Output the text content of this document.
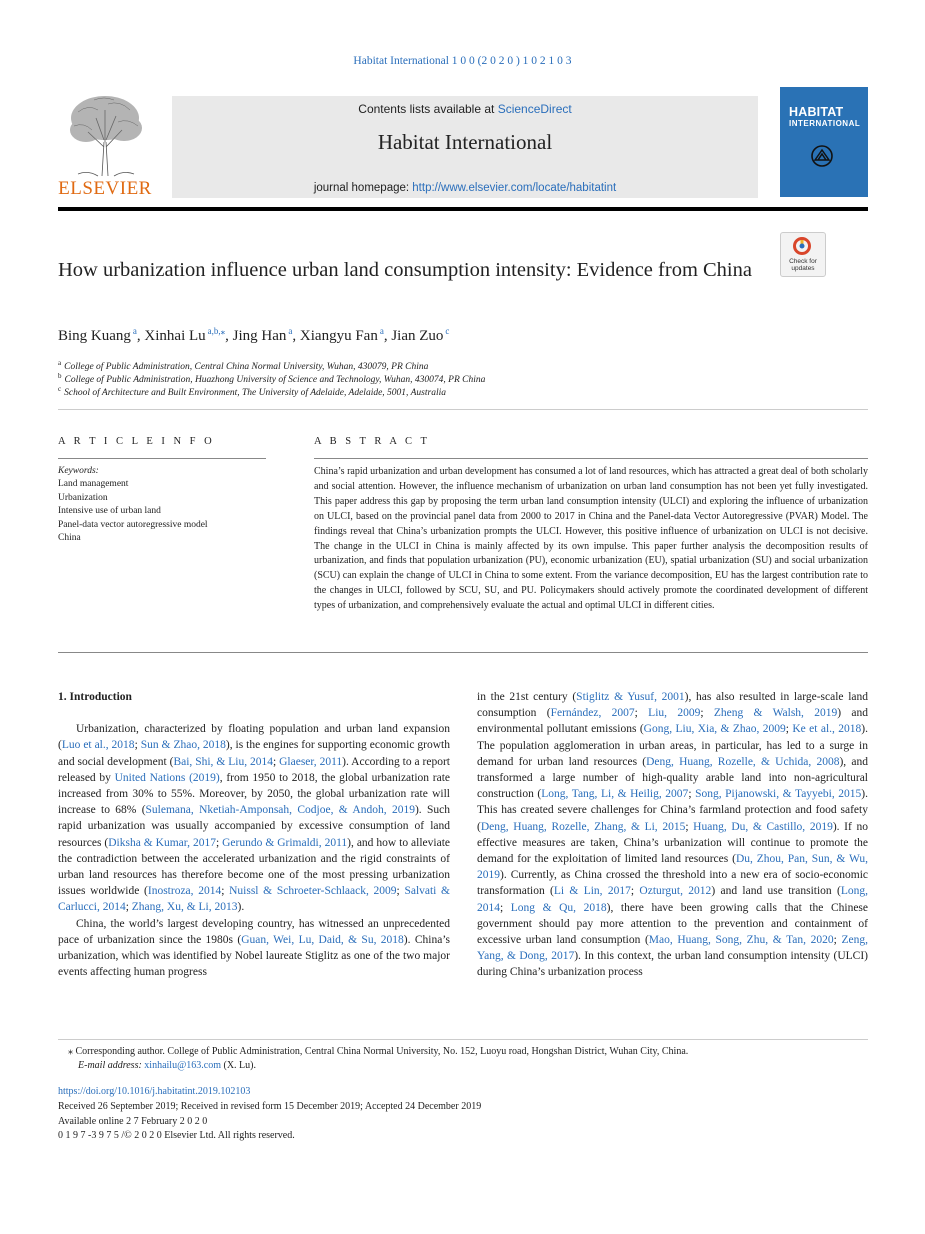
Habitat International 1 0 0 (2 0 2 0 ) 1 0 2 1 0 3
ELSEVIER
Contents lists available at ScienceDirect
Habitat International
journal homepage: http://www.elsevier.com/locate/habitatint
HABITAT
INTERNATIONAL
Check for
updates
How urbanization influence urban land consumption intensity: Evidence from China
Bing Kuang $^a$, Xinhai Lu $^{a,b,⁎}$, Jing Han $^a$, Xiangyu Fan $^a$, Jian Zuo $^c$
$^a$ College of Public Administration, Central China Normal University, Wuhan, 430079, PR China
$^b$ College of Public Administration, Huazhong University of Science and Technology, Wuhan, 430074, PR China
$^c$ School of Architecture and Built Environment, The University of Adelaide, Adelaide, 5001, Australia
A R T I C L E I N F O	A B S T R A C T
Keywords:
Land management
Urbanization
Intensive use of urban land
Panel-data vector autoregressive model
China
China’s rapid urbanization and urban development has consumed a lot of land resources, which has attracted a great deal of both scholarly and social attention. However, the influence mechanism of urbanization on urban land consumption has not been yet fully investigated. This paper address this gap by proposing the term urban land consumption intensity (ULCI) and exploring the influence of urbanization on ULCI, based on the provincial panel data from 2000 to 2017 in China and the Panel-data Vector Autoregressive (PVAR) Model. The findings reveal that China’s urbanization prompts the ULCI. However, this positive influence of urbanization on ULCI is not decisive. The change in the ULCI in China is mainly affected by its own impulse. This paper further analysis the decomposition results of urbanization, and finds that population urbanization (PU), economic urbanization (EU), spatial urbanization (SU) and social urbanization (SCU) can explain the change of ULCI in China to some extent. From the variance decomposition, EU has the largest contribution rate to the changes in ULCI, followed by SCU, SU, and PU. Policymakers should actively promote the coordinated development of different types of urbanization, and comprehensively evaluate the actual and optimal ULCI in different cities.

1. Introduction

Urbanization, characterized by floating population and urban land expansion (Luo et al., 2018; Sun & Zhao, 2018), is the engines for supporting economic growth and social development (Bai, Shi, & Liu, 2014; Glaeser, 2011). According to a report released by United Nations (2019), from 1950 to 2018, the global urbanization rate increased from 30% to 55%. Moreover, by 2050, the global urbanization rate will increase to 68% (Sulemana, Nketiah-Amponsah, Codjoe, & Andoh, 2019). Such rapid urbanization was usually accompanied by excessive consumption of land resources (Diksha & Kumar, 2017; Gerundo & Grimaldi, 2011), and how to alleviate the contradiction between the accelerated urbanization and the rigid constraints of urban land resources has therefore become one of the most pressing urbanization issues worldwide (Inostroza, 2014; Nuissl & Schroeter-Schlaack, 2009; Salvati & Carlucci, 2014; Zhang, Xu, & Li, 2013).

China, the world’s largest developing country, has witnessed an unprecedented pace of urbanization since the 1980s (Guan, Wei, Lu, Daid, & Su, 2018). China’s urbanization, which was identified by Nobel laureate Stiglitz as one of the two major events affecting human progress

in the 21st century (Stiglitz & Yusuf, 2001), has also resulted in large-scale land consumption (Fernández, 2007; Liu, 2009; Zheng & Walsh, 2019) and environmental pollutant emissions (Gong, Liu, Xia, & Zhao, 2009; Ke et al., 2018). The population agglomeration in urban areas, in particular, has led to a surge in demand for urban land resources (Deng, Huang, Rozelle, & Uchida, 2008), and transformed a large number of high-quality arable land into non-agricultural construction (Long, Tang, Li, & Heilig, 2007; Song, Pijanowski, & Tayyebi, 2015). This has created severe challenges for China’s farmland protection and food safety (Deng, Huang, Rozelle, Zhang, & Li, 2015; Huang, Du, & Castillo, 2019). If no effective measures are taken, China’s urbanization will continue to promote the demand for the exploitation of limited land resources (Du, Zhou, Pan, Sun, & Wu, 2019). Currently, as China crossed the threshold into a new era of socio-economic transformation (Li & Lin, 2017; Ozturgut, 2012) and land use transition (Long, 2014; Long & Qu, 2018), there have been growing calls that the Chinese government should pay more attention to the prevention and containment of excessive urban land consumption (Mao, Huang, Song, Zhu, & Tan, 2020; Zeng, Yang, & Dong, 2017). In this context, the urban land consumption intensity (ULCI) during China’s urbanization process

⁎ Corresponding author. College of Public Administration, Central China Normal University, No. 152, Luoyu road, Hongshan District, Wuhan City, China.
E-mail address: xinhailu@163.com (X. Lu).
https://doi.org/10.1016/j.habitatint.2019.102103
Received 26 September 2019; Received in revised form 15 December 2019; Accepted 24 December 2019
Available online 2 7 February 2 0 2 0
0 1 9 7 -3 9 7 5 /© 2 0 2 0 Elsevier Ltd. All rights reserved.
